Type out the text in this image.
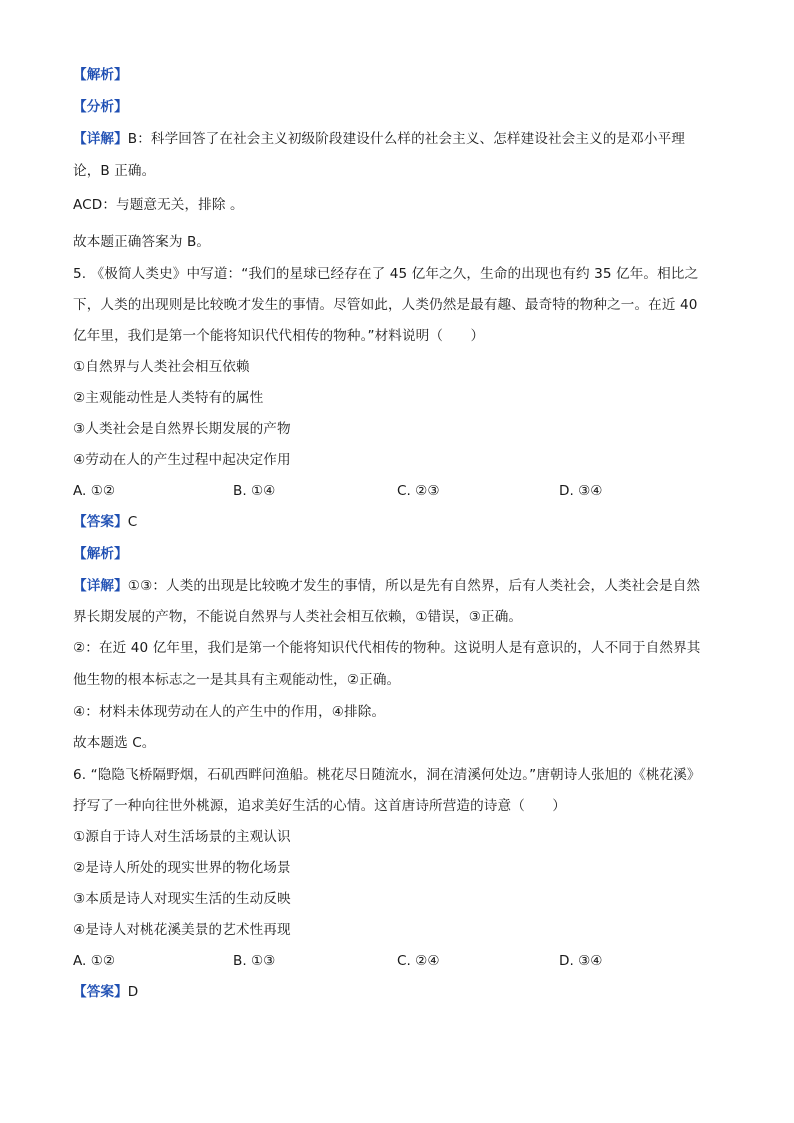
【解析】
【分析】
【详解】B：科学回答了在社会主义初级阶段建设什么样的社会主义、怎样建设社会主义的是邓小平理
论，B 正确。
ACD：与题意无关，排除 。
故本题正确答案为 B。
5. 《极简人类史》中写道：“我们的星球已经存在了 45 亿年之久，生命的出现也有约 35 亿年。相比之
下，人类的出现则是比较晚才发生的事情。尽管如此，人类仍然是最有趣、最奇特的物种之一。在近 40
亿年里，我们是第一个能将知识代代相传的物种。”材料说明（　　）
①自然界与人类社会相互依赖
②主观能动性是人类特有的属性
③人类社会是自然界长期发展的产物
④劳动在人的产生过程中起决定作用
A. ①②	B. ①④	C. ②③	D. ③④
【答案】C
【解析】
【详解】①③：人类的出现是比较晚才发生的事情，所以是先有自然界，后有人类社会，人类社会是自然
界长期发展的产物，不能说自然界与人类社会相互依赖，①错误，③正确。
②：在近 40 亿年里，我们是第一个能将知识代代相传的物种。这说明人是有意识的，人不同于自然界其
他生物的根本标志之一是其具有主观能动性，②正确。
④：材料未体现劳动在人的产生中的作用，④排除。
故本题选 C。
6. “隐隐飞桥隔野烟，石矶西畔问渔船。桃花尽日随流水，洞在清溪何处边。”唐朝诗人张旭的《桃花溪》
抒写了一种向往世外桃源，追求美好生活的心情。这首唐诗所营造的诗意（　　）
①源自于诗人对生活场景的主观认识
②是诗人所处的现实世界的物化场景
③本质是诗人对现实生活的生动反映
④是诗人对桃花溪美景的艺术性再现
A. ①②	B. ①③	C. ②④	D. ③④
【答案】D
